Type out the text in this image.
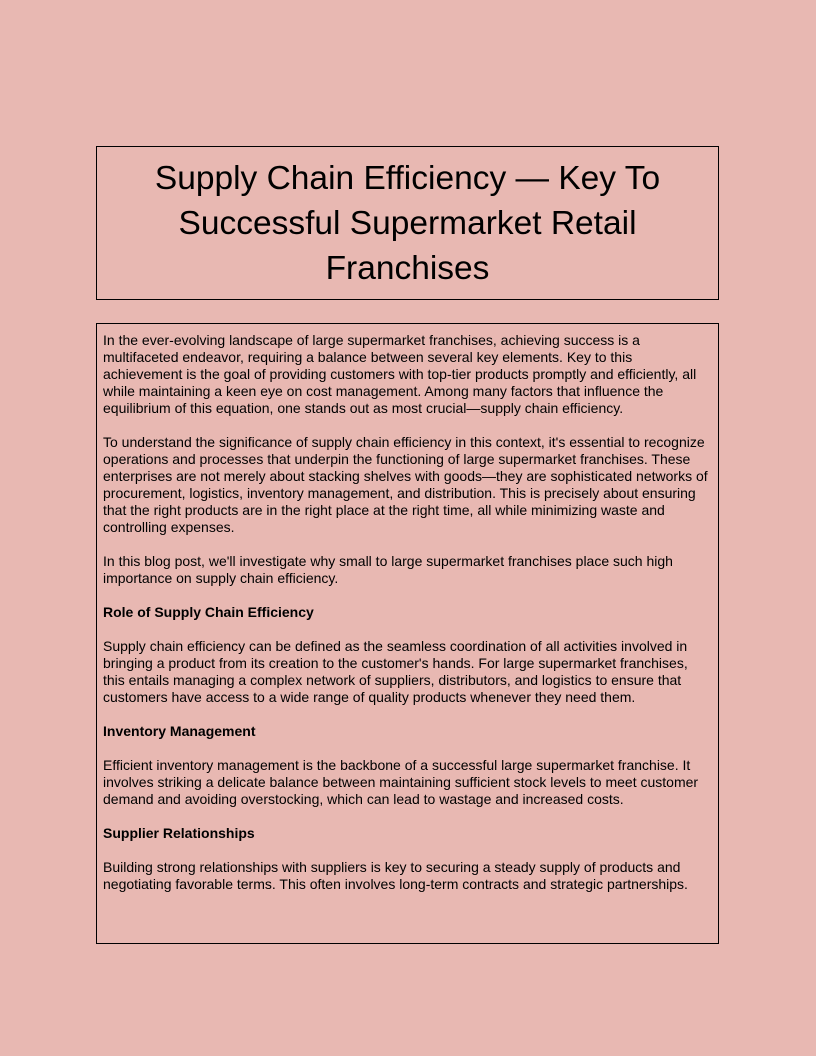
Supply Chain Efficiency — Key To Successful Supermarket Retail Franchises

In the ever-evolving landscape of large supermarket franchises, achieving success is a multifaceted endeavor, requiring a balance between several key elements. Key to this achievement is the goal of providing customers with top-tier products promptly and efficiently, all while maintaining a keen eye on cost management. Among many factors that influence the equilibrium of this equation, one stands out as most crucial—supply chain efficiency.

To understand the significance of supply chain efficiency in this context, it's essential to recognize operations and processes that underpin the functioning of large supermarket franchises. These enterprises are not merely about stacking shelves with goods—they are sophisticated networks of procurement, logistics, inventory management, and distribution. This is precisely about ensuring that the right products are in the right place at the right time, all while minimizing waste and controlling expenses.

In this blog post, we'll investigate why small to large supermarket franchises place such high importance on supply chain efficiency.

Role of Supply Chain Efficiency

Supply chain efficiency can be defined as the seamless coordination of all activities involved in bringing a product from its creation to the customer's hands. For large supermarket franchises, this entails managing a complex network of suppliers, distributors, and logistics to ensure that customers have access to a wide range of quality products whenever they need them.

Inventory Management

Efficient inventory management is the backbone of a successful large supermarket franchise. It involves striking a delicate balance between maintaining sufficient stock levels to meet customer demand and avoiding overstocking, which can lead to wastage and increased costs.

Supplier Relationships

Building strong relationships with suppliers is key to securing a steady supply of products and negotiating favorable terms. This often involves long-term contracts and strategic partnerships.
